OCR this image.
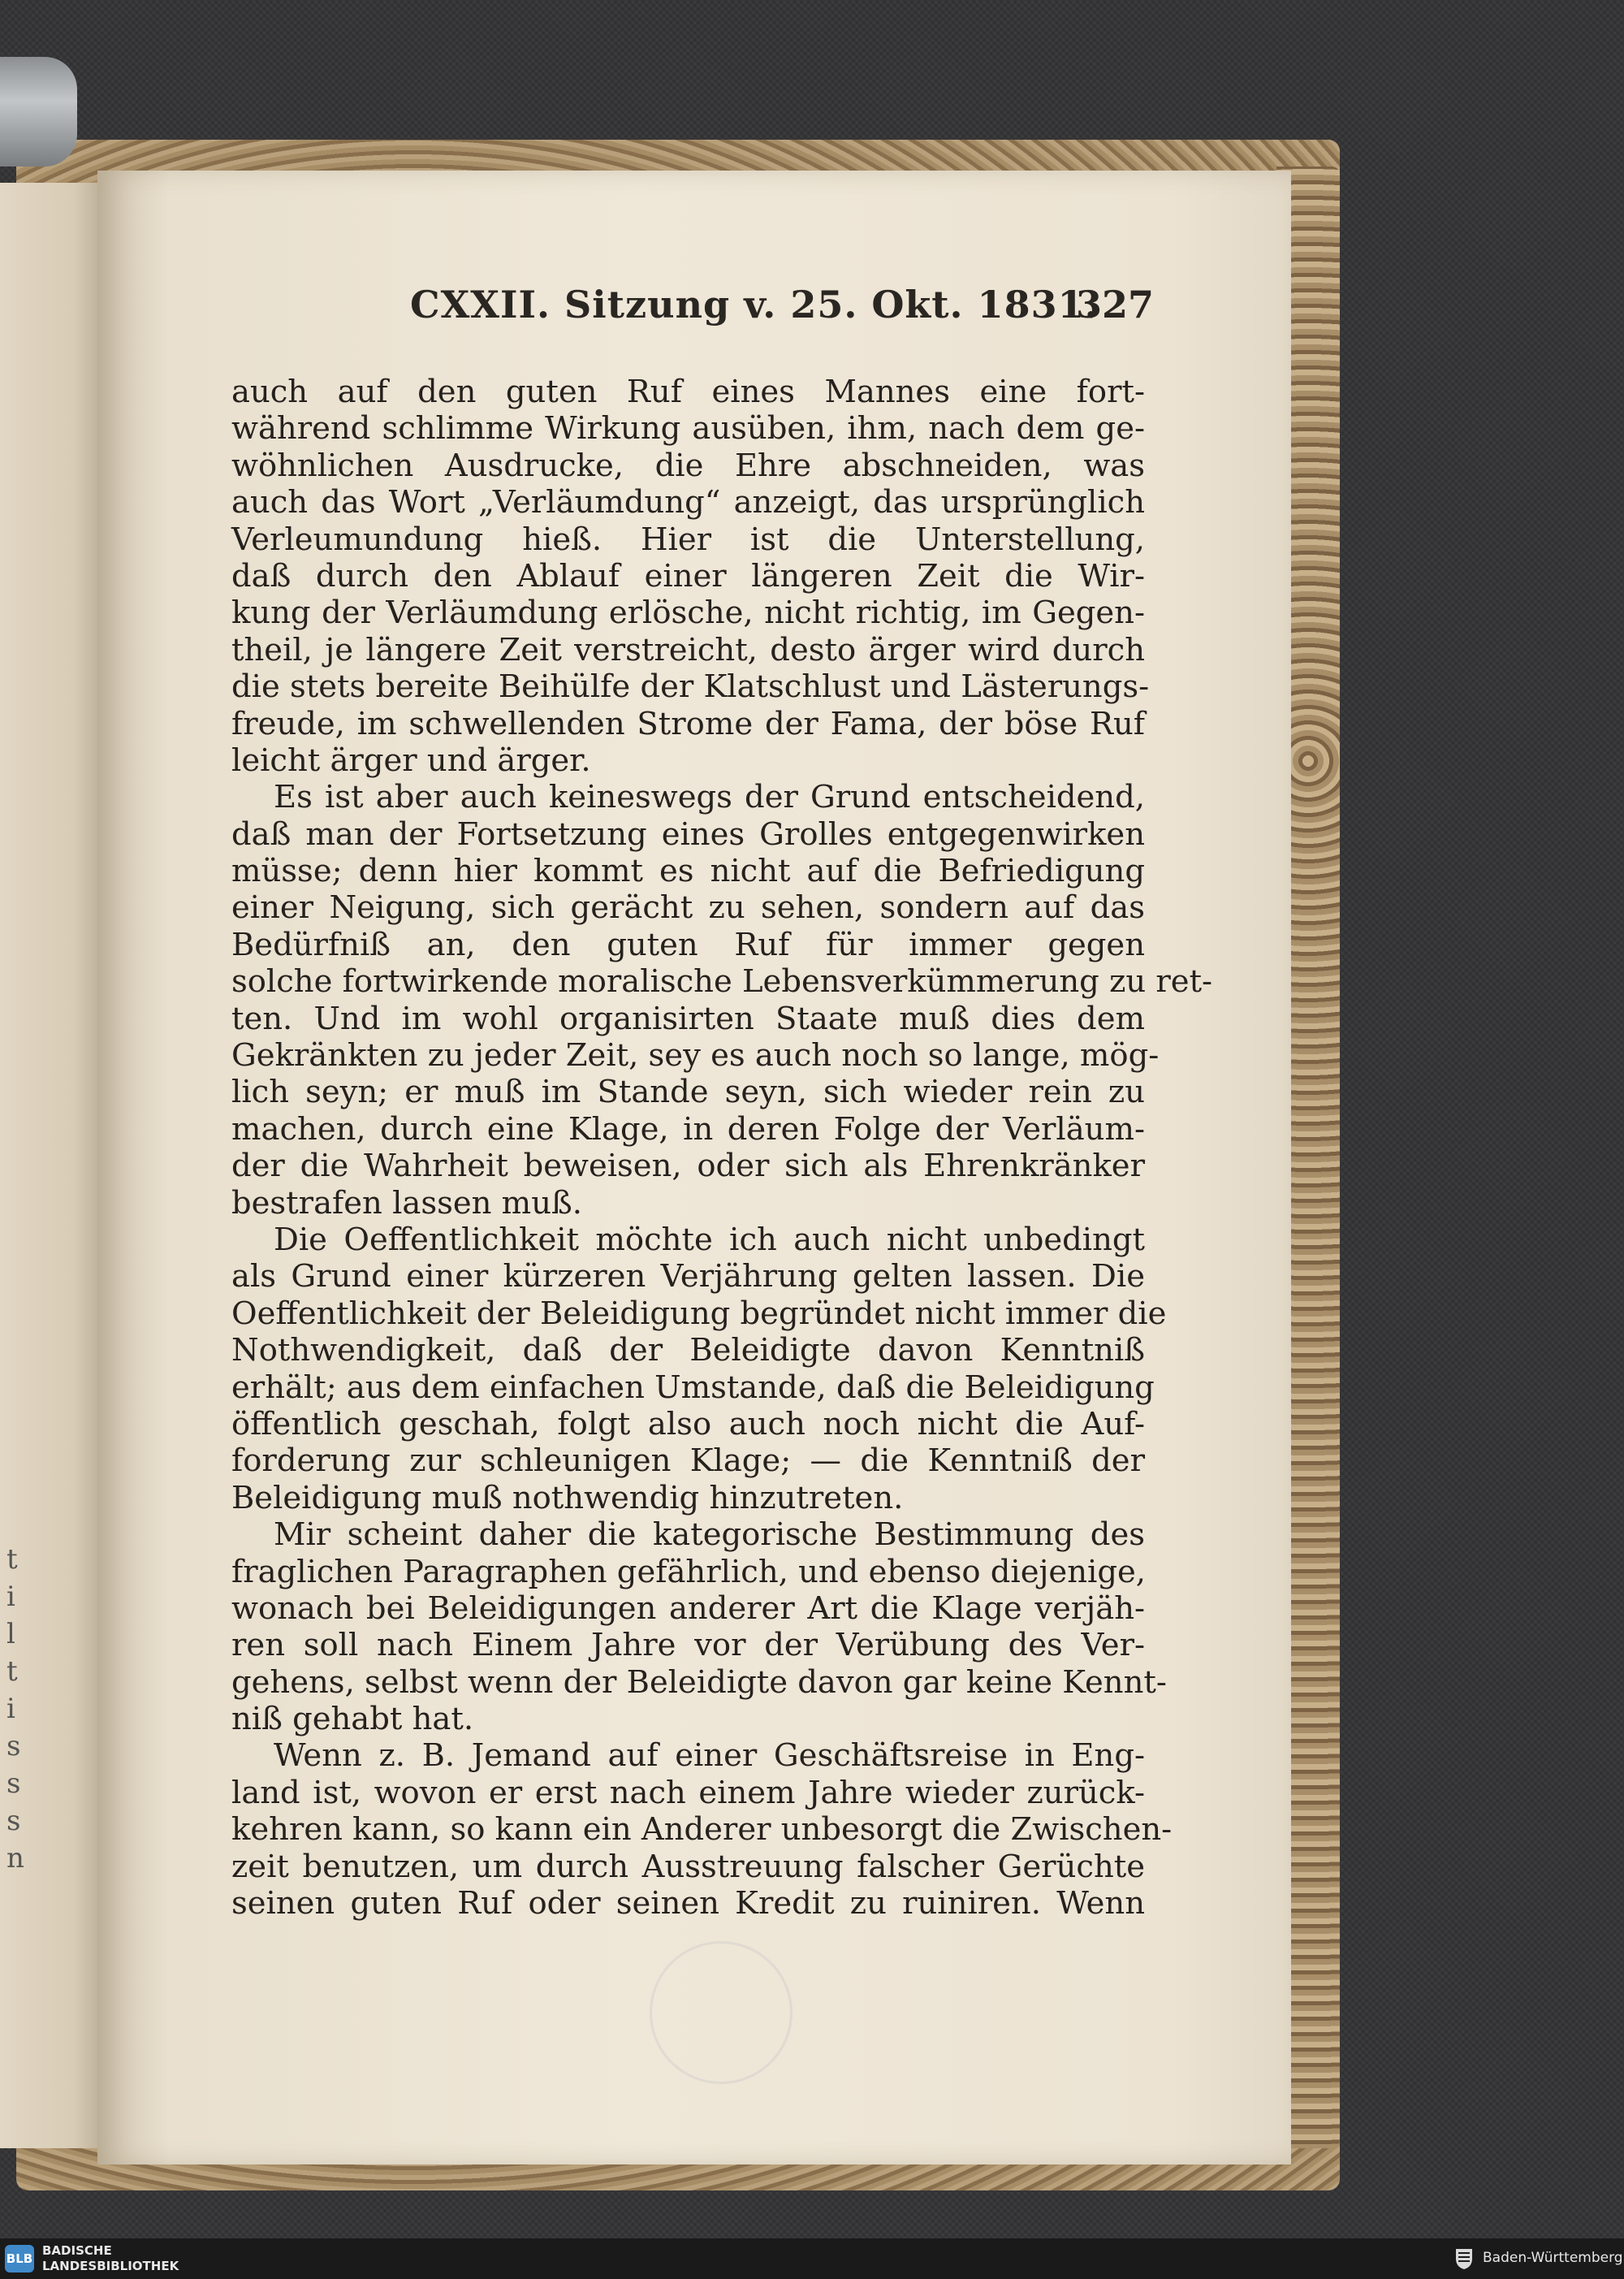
t
i
l
t
i
s
s
s
n
CXXII. Sitzung v. 25. Okt. 1831.
327
auch auf den guten Ruf eines Mannes eine fort-
während schlimme Wirkung ausüben, ihm, nach dem ge-
wöhnlichen Ausdrucke, die Ehre abschneiden, was
auch das Wort „Verläumdung“ anzeigt, das ursprünglich
Verleumundung hieß. Hier ist die Unterstellung,
daß durch den Ablauf einer längeren Zeit die Wir-
kung der Verläumdung erlösche, nicht richtig, im Gegen-
theil, je längere Zeit verstreicht, desto ärger wird durch
die stets bereite Beihülfe der Klatschlust und Lästerungs-
freude, im schwellenden Strome der Fama, der böse Ruf
leicht ärger und ärger.
Es ist aber auch keineswegs der Grund entscheidend,
daß man der Fortsetzung eines Grolles entgegenwirken
müsse; denn hier kommt es nicht auf die Befriedigung
einer Neigung, sich gerächt zu sehen, sondern auf das
Bedürfniß an, den guten Ruf für immer gegen
solche fortwirkende moralische Lebensverkümmerung zu ret-
ten. Und im wohl organisirten Staate muß dies dem
Gekränkten zu jeder Zeit, sey es auch noch so lange, mög-
lich seyn; er muß im Stande seyn, sich wieder rein zu
machen, durch eine Klage, in deren Folge der Verläum-
der die Wahrheit beweisen, oder sich als Ehrenkränker
bestrafen lassen muß.
Die Oeffentlichkeit möchte ich auch nicht unbedingt
als Grund einer kürzeren Verjährung gelten lassen. Die
Oeffentlichkeit der Beleidigung begründet nicht immer die
Nothwendigkeit, daß der Beleidigte davon Kenntniß
erhält; aus dem einfachen Umstande, daß die Beleidigung
öffentlich geschah, folgt also auch noch nicht die Auf-
forderung zur schleunigen Klage; — die Kenntniß der
Beleidigung muß nothwendig hinzutreten.
Mir scheint daher die kategorische Bestimmung des
fraglichen Paragraphen gefährlich, und ebenso diejenige,
wonach bei Beleidigungen anderer Art die Klage verjäh-
ren soll nach Einem Jahre vor der Verübung des Ver-
gehens, selbst wenn der Beleidigte davon gar keine Kennt-
niß gehabt hat.
Wenn z. B. Jemand auf einer Geschäftsreise in Eng-
land ist, wovon er erst nach einem Jahre wieder zurück-
kehren kann, so kann ein Anderer unbesorgt die Zwischen-
zeit benutzen, um durch Ausstreuung falscher Gerüchte
seinen guten Ruf oder seinen Kredit zu ruiniren. Wenn
BLB
BADISCHE
LANDESBIBLIOTHEK	Baden-Württemberg
